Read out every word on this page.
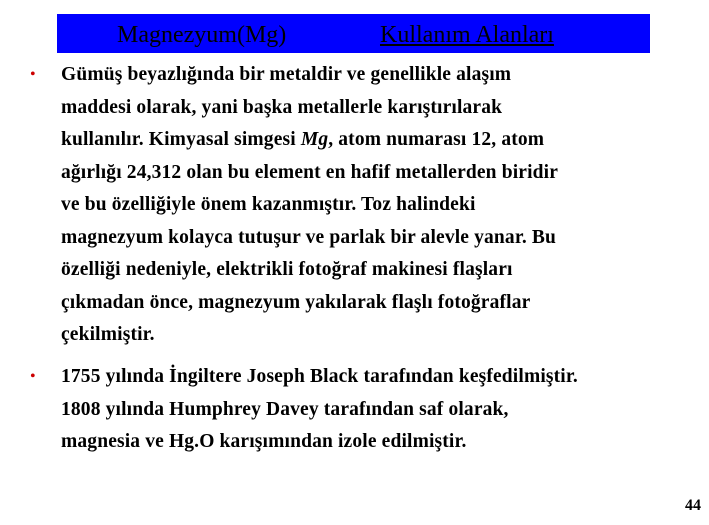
Magnezyum(Mg)	Kullanım Alanları
• Gümüş beyazlığında bir metaldir ve genellikle alaşım
maddesi olarak, yani başka metallerle karıştırılarak
kullanılır. Kimyasal simgesi Mg, atom numarası 12, atom
ağırlığı 24,312 olan bu element en hafif metallerden biridir
ve bu özelliğiyle önem kazanmıştır. Toz halindeki
magnezyum kolayca tutuşur ve parlak bir alevle yanar. Bu
özelliği nedeniyle, elektrikli fotoğraf makinesi flaşları
çıkmadan önce, magnezyum yakılarak flaşlı fotoğraflar
çekilmiştir.
• 1755 yılında İngiltere Joseph Black tarafından keşfedilmiştir.
1808 yılında Humphrey Davey tarafından saf olarak,
magnesia ve Hg.O karışımından izole edilmiştir.
44
